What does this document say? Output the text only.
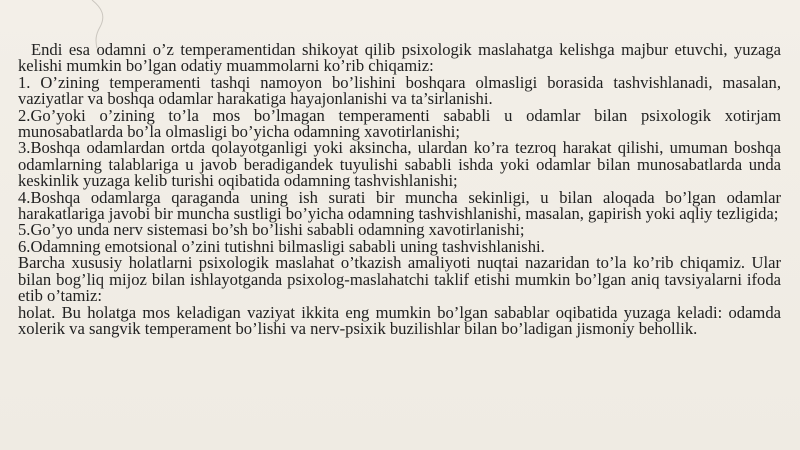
Endi esa odamni o’z temperamentidan shikoyat qilib psixologik maslahatga kelishga majbur etuvchi, yuzaga kelishi mumkin bo’lgan odatiy muammolarni ko’rib chiqamiz:

1. O’zining temperamenti tashqi namoyon bo’lishini boshqara olmasligi borasida tashvishlanadi, masalan, vaziyatlar va boshqa odamlar harakatiga hayajonlanishi va ta’sirlanishi.

2.Go’yoki o’zining to’la mos bo’lmagan temperamenti sababli u odamlar bilan psixologik xotirjam munosabatlarda bo’la olmasligi bo’yicha odamning xavotirlanishi;

3.Boshqa odamlardan ortda qolayotganligi yoki aksincha, ulardan ko’ra tezroq harakat qilishi, umuman boshqa odamlarning talablariga u javob beradigandek tuyulishi sababli ishda yoki odamlar bilan munosabatlarda unda keskinlik yuzaga kelib turishi oqibatida odamning tashvishlanishi;

4.Boshqa odamlarga qaraganda uning ish surati bir muncha sekinligi, u bilan aloqada bo’lgan odamlar harakatlariga javobi bir muncha sustligi bo’yicha odamning tashvishlanishi, masalan, gapirish yoki aqliy tezligida;

5.Go’yo unda nerv sistemasi bo’sh bo’lishi sababli odamning xavotirlanishi;

6.Odamning emotsional o’zini tutishni bilmasligi sababli uning tashvishlanishi.

Barcha xususiy holatlarni psixologik maslahat o’tkazish amaliyoti nuqtai nazaridan to’la ko’rib chiqamiz. Ular bilan bog’liq mijoz bilan ishlayotganda psixolog-maslahatchi taklif etishi mumkin bo’lgan aniq tavsiyalarni ifoda etib o’tamiz:

holat. Bu holatga mos keladigan vaziyat ikkita eng mumkin bo’lgan sabablar oqibatida yuzaga keladi: odamda xolerik va sangvik temperament bo’lishi va nerv-psixik buzilishlar bilan bo’ladigan jismoniy behollik.
